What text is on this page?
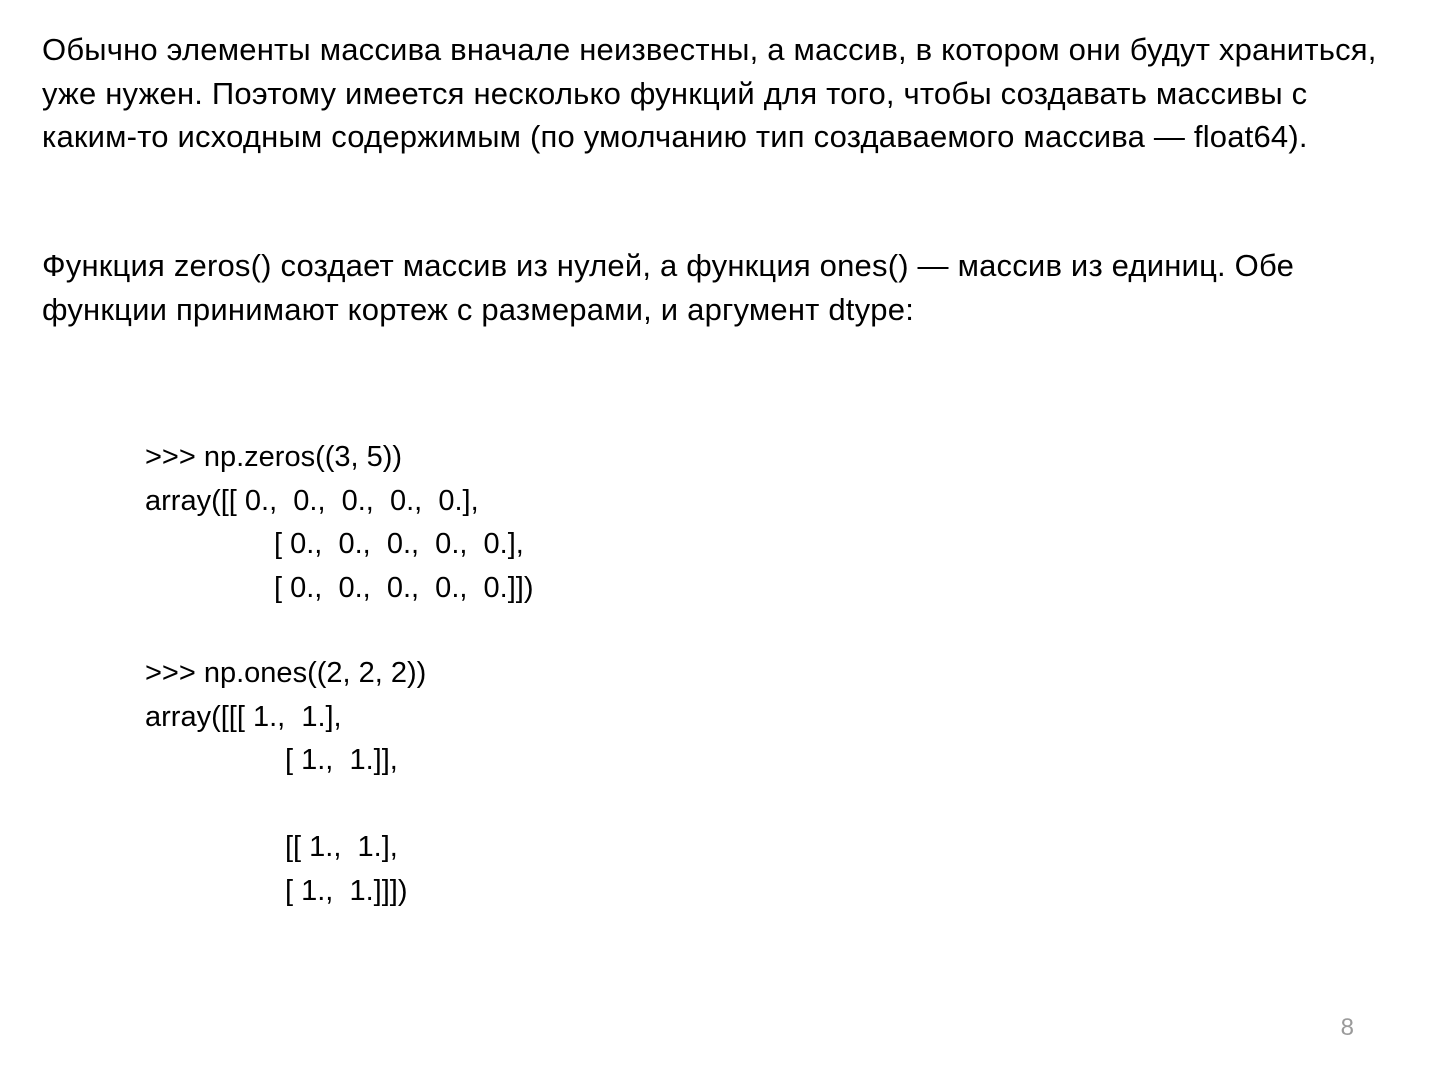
Обычно элементы массива вначале неизвестны, а массив, в котором они будут храниться, уже нужен. Поэтому имеется несколько функций для того, чтобы создавать массивы с каким-то исходным содержимым (по умолчанию тип создаваемого массива — float64).

Функция zeros() создает массив из нулей, а функция ones() — массив из единиц. Обе функции принимают кортеж с размерами, и аргумент dtype:

>>> np.zeros((3, 5))
array([[ 0.,  0.,  0.,  0.,  0.],
[ 0.,  0.,  0.,  0.,  0.],
[ 0.,  0.,  0.,  0.,  0.]])
>>> np.ones((2, 2, 2))
array([[[ 1.,  1.],
[ 1.,  1.]],
[[ 1.,  1.],
[ 1.,  1.]]])
8
